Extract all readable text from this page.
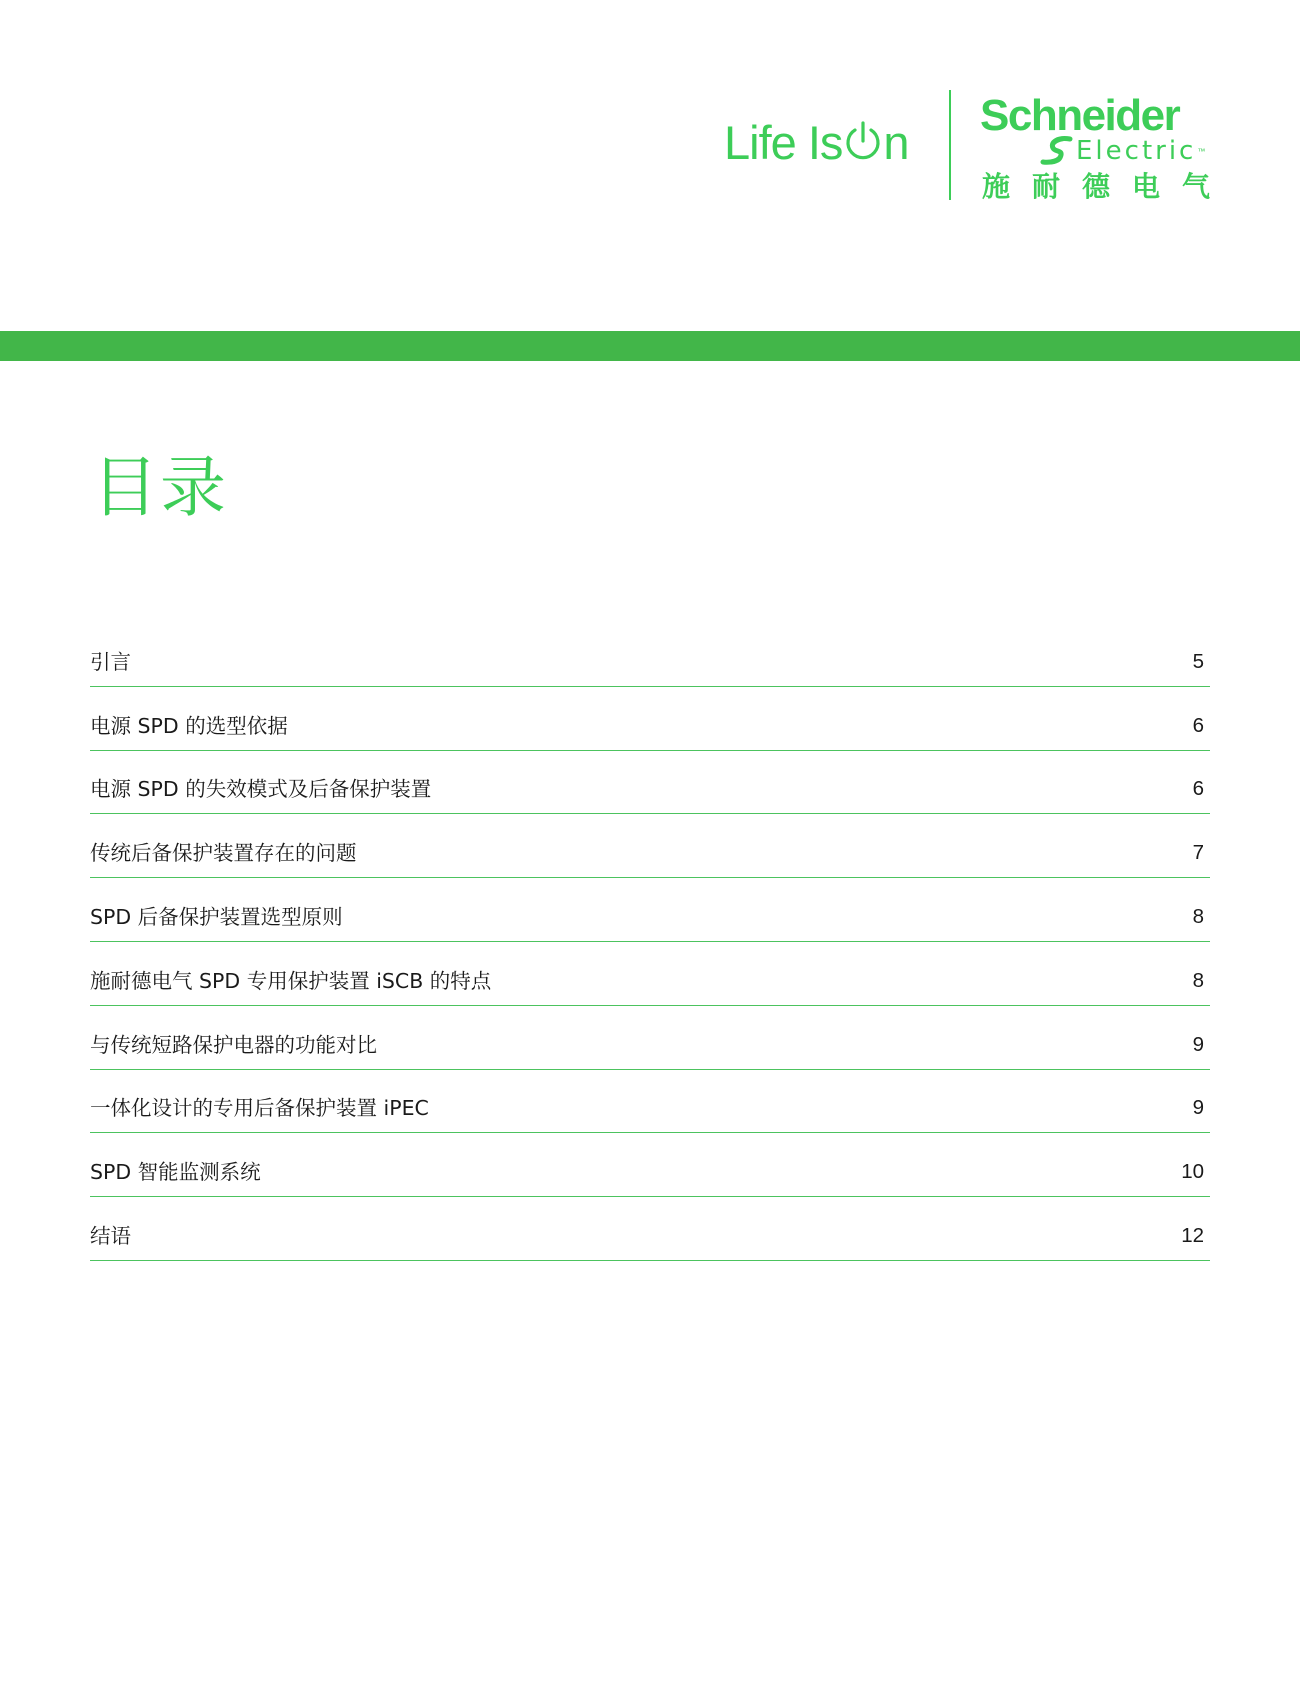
Life Is n Schneider
Electric ™
施耐德电气
目录
引言	5
电源 SPD 的选型依据	6
电源 SPD 的失效模式及后备保护装置	6
传统后备保护装置存在的问题	7
SPD 后备保护装置选型原则	8
施耐德电气 SPD 专用保护装置 iSCB 的特点	8
与传统短路保护电器的功能对比	9
一体化设计的专用后备保护装置 iPEC	9
SPD 智能监测系统	10
结语	12
